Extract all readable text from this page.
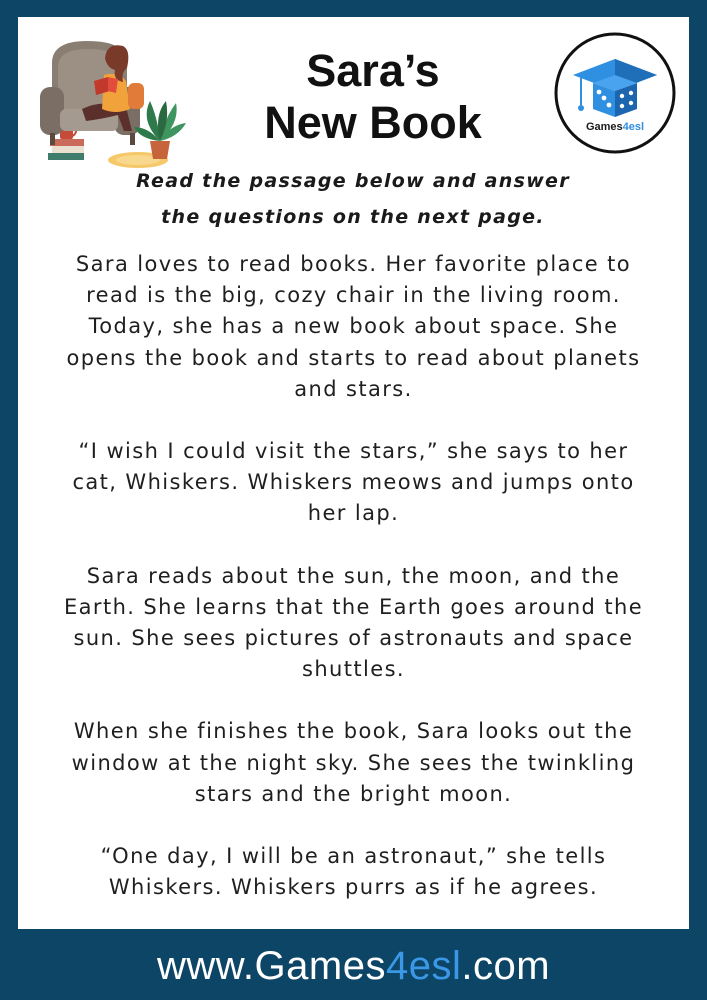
Sara’s
New Book	Games4esl
Read the passage below and answer the questions on the next page.

Sara loves to read books. Her favorite place to read is the big, cozy chair in the living room. Today, she has a new book about space. She opens the book and starts to read about planets and stars.

“I wish I could visit the stars,” she says to her cat, Whiskers. Whiskers meows and jumps onto her lap.

Sara reads about the sun, the moon, and the Earth. She learns that the Earth goes around the sun. She sees pictures of astronauts and space shuttles.

When she finishes the book, Sara looks out the window at the night sky. She sees the twinkling stars and the bright moon.

“One day, I will be an astronaut,” she tells Whiskers. Whiskers purrs as if he agrees.

www.Games4esl.com
